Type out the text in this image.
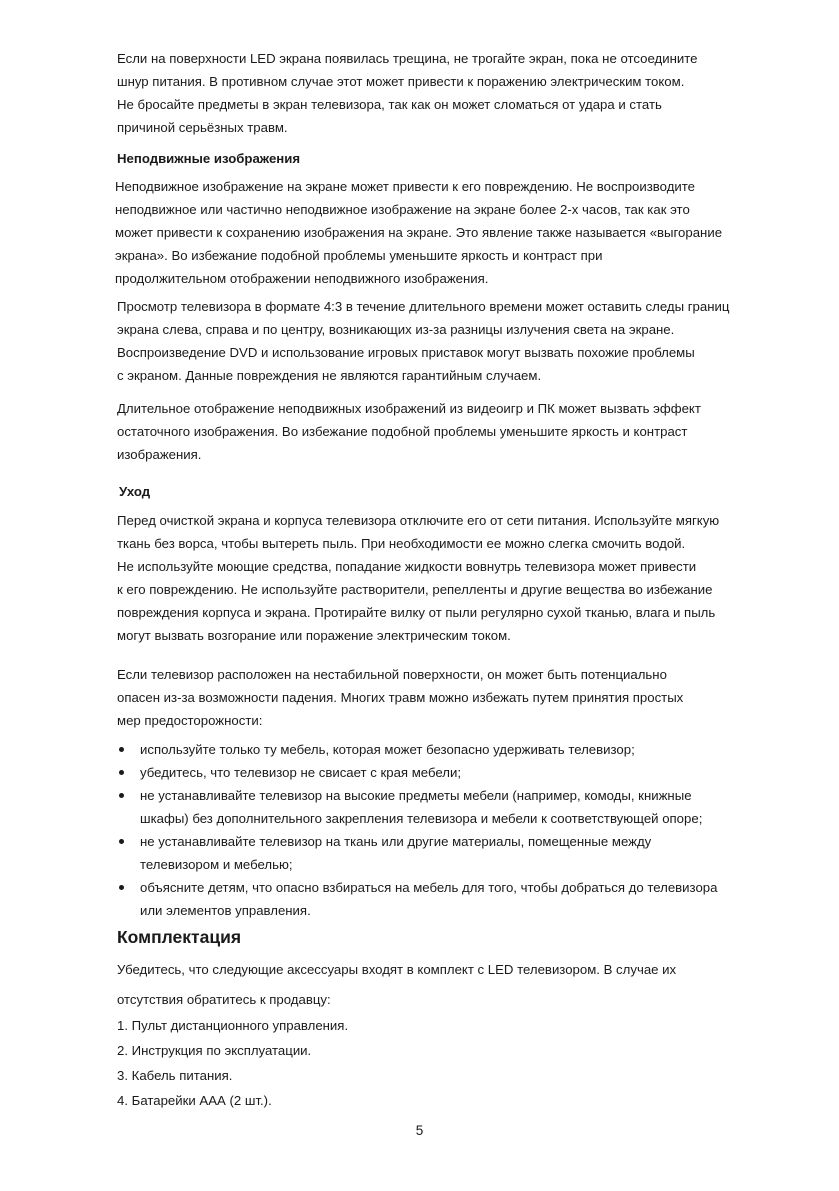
Если на поверхности LED экрана появилась трещина, не трогайте экран, пока не отсоедините
шнур питания. В противном случае этот может привести к поражению электрическим током.
Не бросайте предметы в экран телевизора, так как он может сломаться от удара и стать
причиной серьёзных травм.
Неподвижные изображения
Неподвижное изображение на экране может привести к его повреждению. Не воспроизводите
неподвижное или частично неподвижное изображение на экране более 2-х часов, так как это
может привести к сохранению изображения на экране. Это явление также называется «выгорание
экрана». Во избежание подобной проблемы уменьшите яркость и контраст при
продолжительном отображении неподвижного изображения.
Просмотр телевизора в формате 4:3 в течение длительного времени может оставить следы границ
экрана слева, справа и по центру, возникающих из-за разницы излучения света на экране.
Воспроизведение DVD и использование игровых приставок могут вызвать похожие проблемы
с экраном. Данные повреждения не являются гарантийным случаем.
Длительное отображение неподвижных изображений из видеоигр и ПК может вызвать эффект
остаточного изображения. Во избежание подобной проблемы уменьшите яркость и контраст
изображения.
Уход
Перед очисткой экрана и корпуса телевизора отключите его от сети питания. Используйте мягкую
ткань без ворса, чтобы вытереть пыль. При необходимости ее можно слегка смочить водой.
Не используйте моющие средства, попадание жидкости вовнутрь телевизора может привести
к его повреждению. Не используйте растворители, репелленты и другие вещества во избежание
повреждения корпуса и экрана. Протирайте вилку от пыли регулярно сухой тканью, влага и пыль
могут вызвать возгорание или поражение электрическим током.
Если телевизор расположен на нестабильной поверхности, он может быть потенциально
опасен из-за возможности падения. Многих травм можно избежать путем принятия простых
мер предосторожности:
используйте только ту мебель, которая может безопасно удерживать телевизор;
убедитесь, что телевизор не свисает с края мебели;
не устанавливайте телевизор на высокие предметы мебели (например, комоды, книжные
шкафы) без дополнительного закрепления телевизора и мебели к соответствующей опоре;
не устанавливайте телевизор на ткань или другие материалы, помещенные между
телевизором и мебелью;
объясните детям, что опасно взбираться на мебель для того, чтобы добраться до телевизора
или элементов управления.
Комплектация
Убедитесь, что следующие аксессуары входят в комплект с LED телевизором. В случае их
отсутствия обратитесь к продавцу:
1. Пульт дистанционного управления.
2. Инструкция по эксплуатации.
3. Кабель питания.
4. Батарейки ААА (2 шт.).
5
